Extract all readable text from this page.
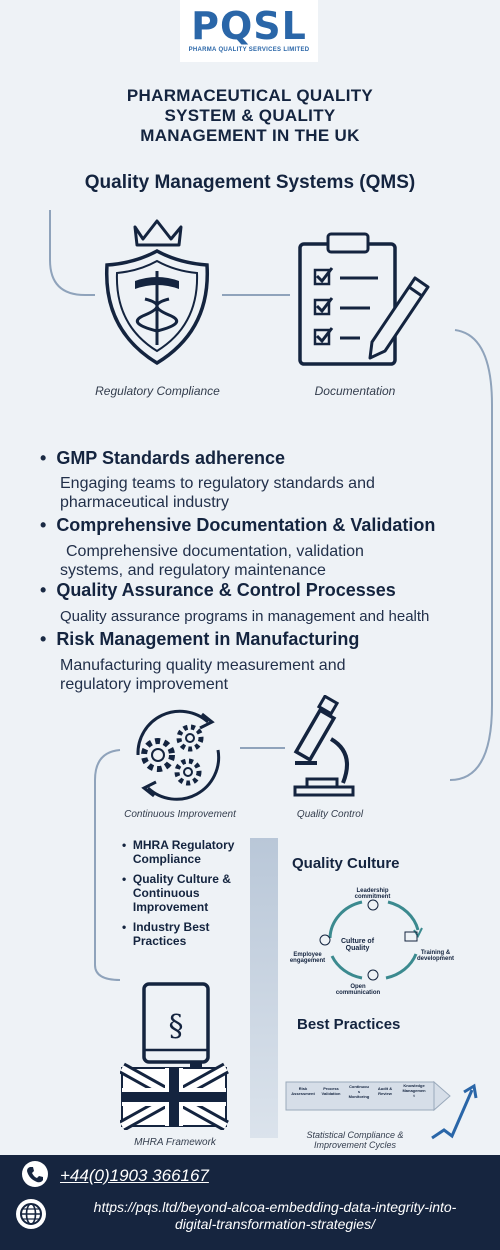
PQSL
PHARMA QUALITY SERVICES LIMITED
PHARMACEUTICAL QUALITY
SYSTEM & QUALITY
MANAGEMENT IN THE UK
Quality Management Systems (QMS)
Regulatory Compliance	Documentation
•  GMP Standards adherence
Engaging teams to regulatory standards and
pharmaceutical industry
•  Comprehensive Documentation & Validation
Comprehensive documentation, validation
systems, and regulatory maintenance
•  Quality Assurance & Control Processes
Quality assurance programs in management and health
•  Risk Management in Manufacturing
Manufacturing quality measurement and
regulatory improvement
Continuous Improvement	Quality Control
• MHRA Regulatory
Compliance
• Quality Culture &
Continuous
Improvement
• Industry Best
Practices
Quality Culture
Leadership
commitment
Culture of
Quality
Training &
development
Employee
engagement
Open
communication
Best Practices
Risk
Assessment
Process
Validation
Continuou
s
Monitoring
Audit &
Review
Knowledge
Managemen
t
Statistical Compliance & Improvement Cycles
§
MHRA Framework
+44(0)1903 366167
https://pqs.ltd/beyond-alcoa-embedding-data-integrity-into-
digital-transformation-strategies/
